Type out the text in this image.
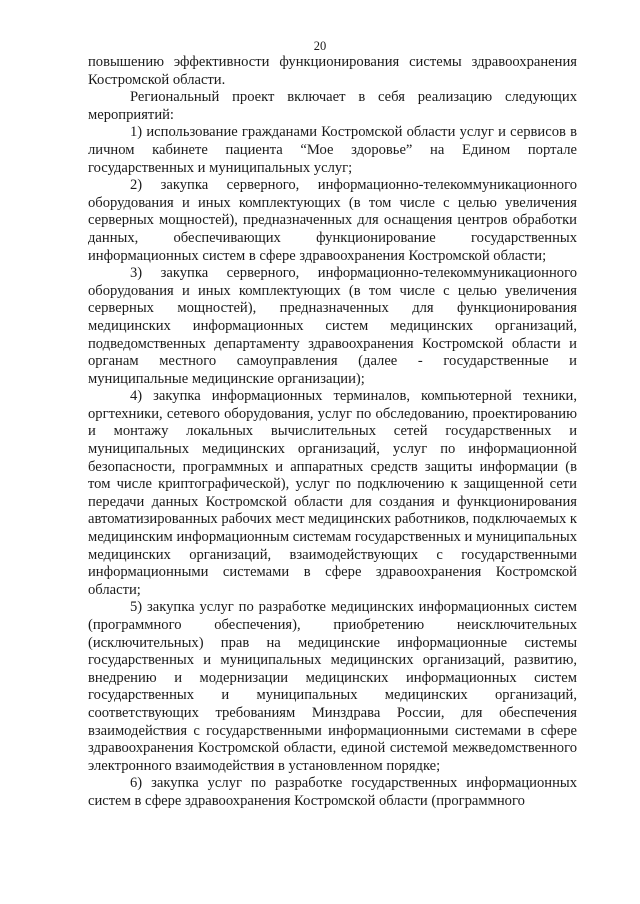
20

повышению эффективности функционирования системы здравоохранения Костромской области.

Региональный проект включает в себя реализацию следующих мероприятий:

1) использование гражданами Костромской области услуг и сервисов в личном кабинете пациента “Мое здоровье” на Едином портале государственных и муниципальных услуг;

2) закупка серверного, информационно-телекоммуникационного оборудования и иных комплектующих (в том числе с целью увеличения серверных мощностей), предназначенных для оснащения центров обработки данных, обеспечивающих функционирование государственных информационных систем в сфере здравоохранения Костромской области;

3) закупка серверного, информационно-телекоммуникационного оборудования и иных комплектующих (в том числе с целью увеличения серверных мощностей), предназначенных для функционирования медицинских информационных систем медицинских организаций, подведомственных департаменту здравоохранения Костромской области и органам местного самоуправления (далее - государственные и муниципальные медицинские организации);

4) закупка информационных терминалов, компьютерной техники, оргтехники, сетевого оборудования, услуг по обследованию, проектированию и монтажу локальных вычислительных сетей государственных и муниципальных медицинских организаций, услуг по информационной безопасности, программных и аппаратных средств защиты информации (в том числе криптографической), услуг по подключению к защищенной сети передачи данных Костромской области для создания и функционирования автоматизированных рабочих мест медицинских работников, подключаемых к медицинским информационным системам государственных и муниципальных медицинских организаций, взаимодействующих с государственными информационными системами в сфере здравоохранения Костромской области;

5) закупка услуг по разработке медицинских информационных систем (программного обеспечения), приобретению неисключительных (исключительных) прав на медицинские информационные системы государственных и муниципальных медицинских организаций, развитию, внедрению и модернизации медицинских информационных систем государственных и муниципальных медицинских организаций, соответствующих требованиям Минздрава России, для обеспечения взаимодействия с государственными информационными системами в сфере здравоохранения Костромской области, единой системой межведомственного электронного взаимодействия в установленном порядке;

6) закупка услуг по разработке государственных информационных систем в сфере здравоохранения Костромской области (программного
